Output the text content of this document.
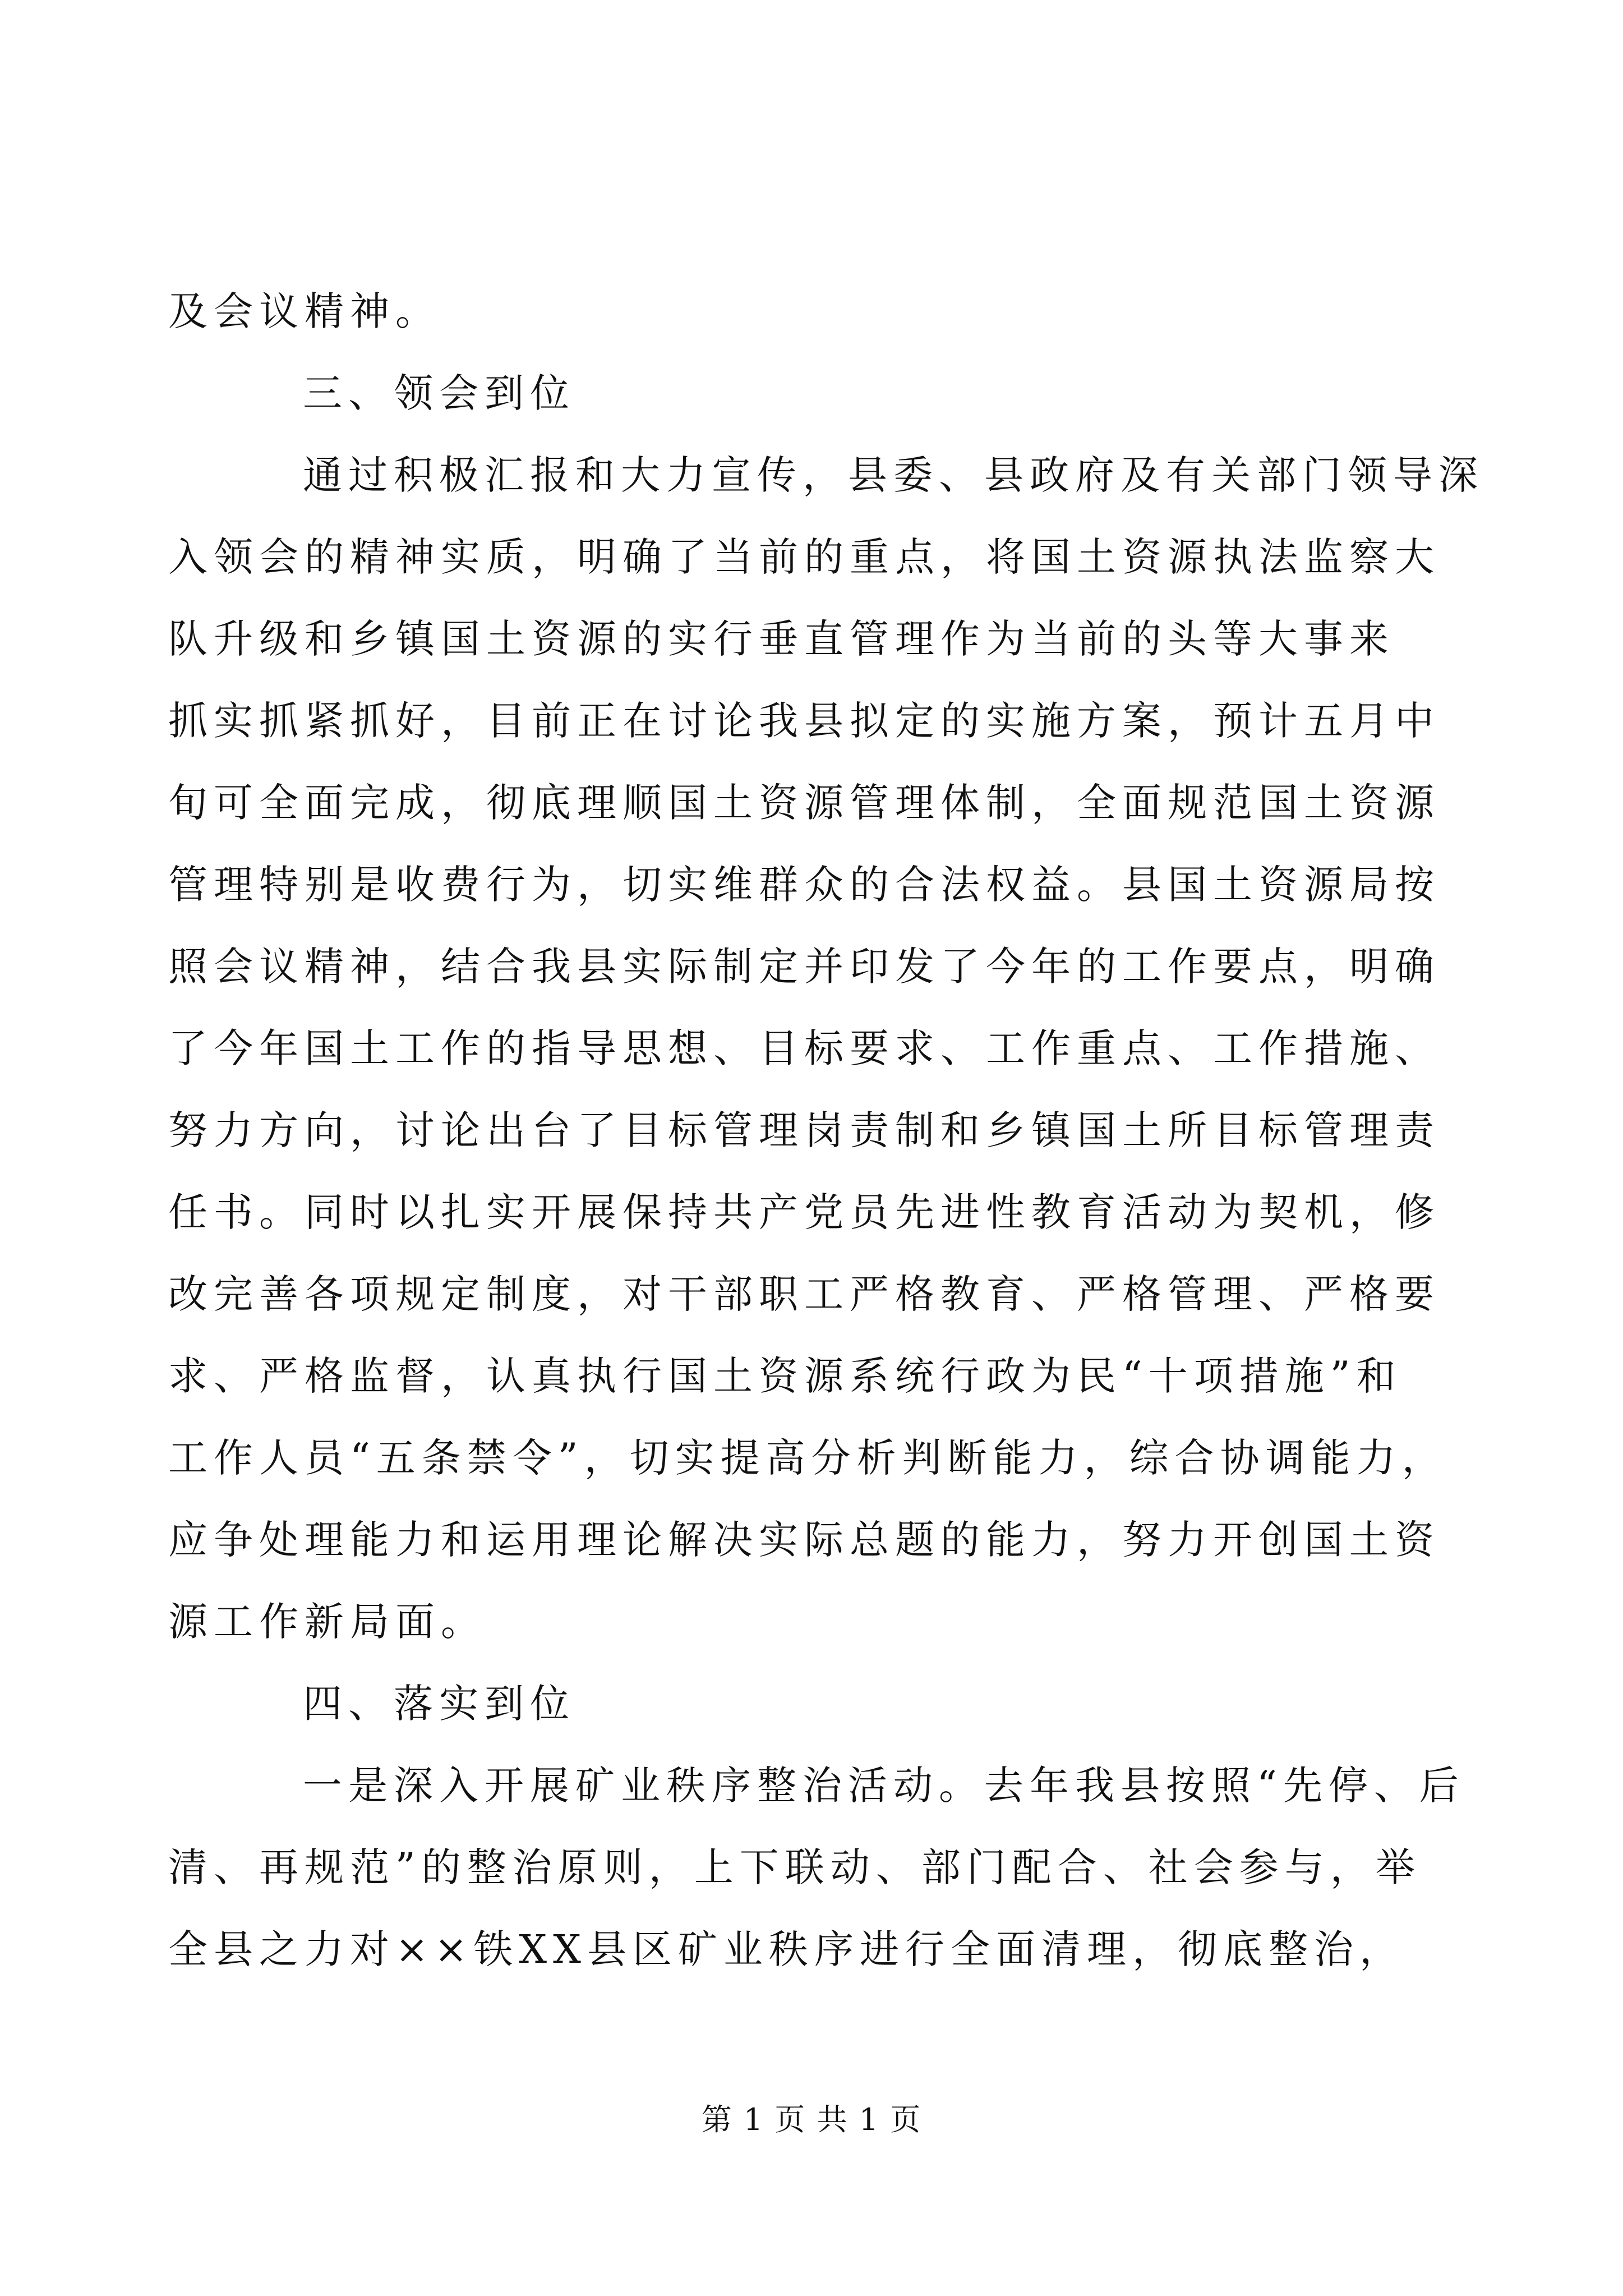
及会议精神。
三、领会到位
通过积极汇报和大力宣传，县委、县政府及有关部门领导深
入领会的精神实质，明确了当前的重点，将国土资源执法监察大
队升级和乡镇国土资源的实行垂直管理作为当前的头等大事来
抓实抓紧抓好，目前正在讨论我县拟定的实施方案，预计五月中
旬可全面完成，彻底理顺国土资源管理体制，全面规范国土资源
管理特别是收费行为，切实维群众的合法权益。县国土资源局按
照会议精神，结合我县实际制定并印发了今年的工作要点，明确
了今年国土工作的指导思想、目标要求、工作重点、工作措施、
努力方向，讨论出台了目标管理岗责制和乡镇国土所目标管理责
任书。同时以扎实开展保持共产党员先进性教育活动为契机，修
改完善各项规定制度，对干部职工严格教育、严格管理、严格要
求、严格监督，认真执行国土资源系统行政为民“十项措施”和
工作人员“五条禁令”，切实提高分析判断能力，综合协调能力，
应争处理能力和运用理论解决实际总题的能力，努力开创国土资
源工作新局面。
四、落实到位
一是深入开展矿业秩序整治活动。去年我县按照“先停、后
清、再规范”的整治原则，上下联动、部门配合、社会参与，举
全县之力对××铁XX县区矿业秩序进行全面清理，彻底整治，
第 1 页 共 1 页
